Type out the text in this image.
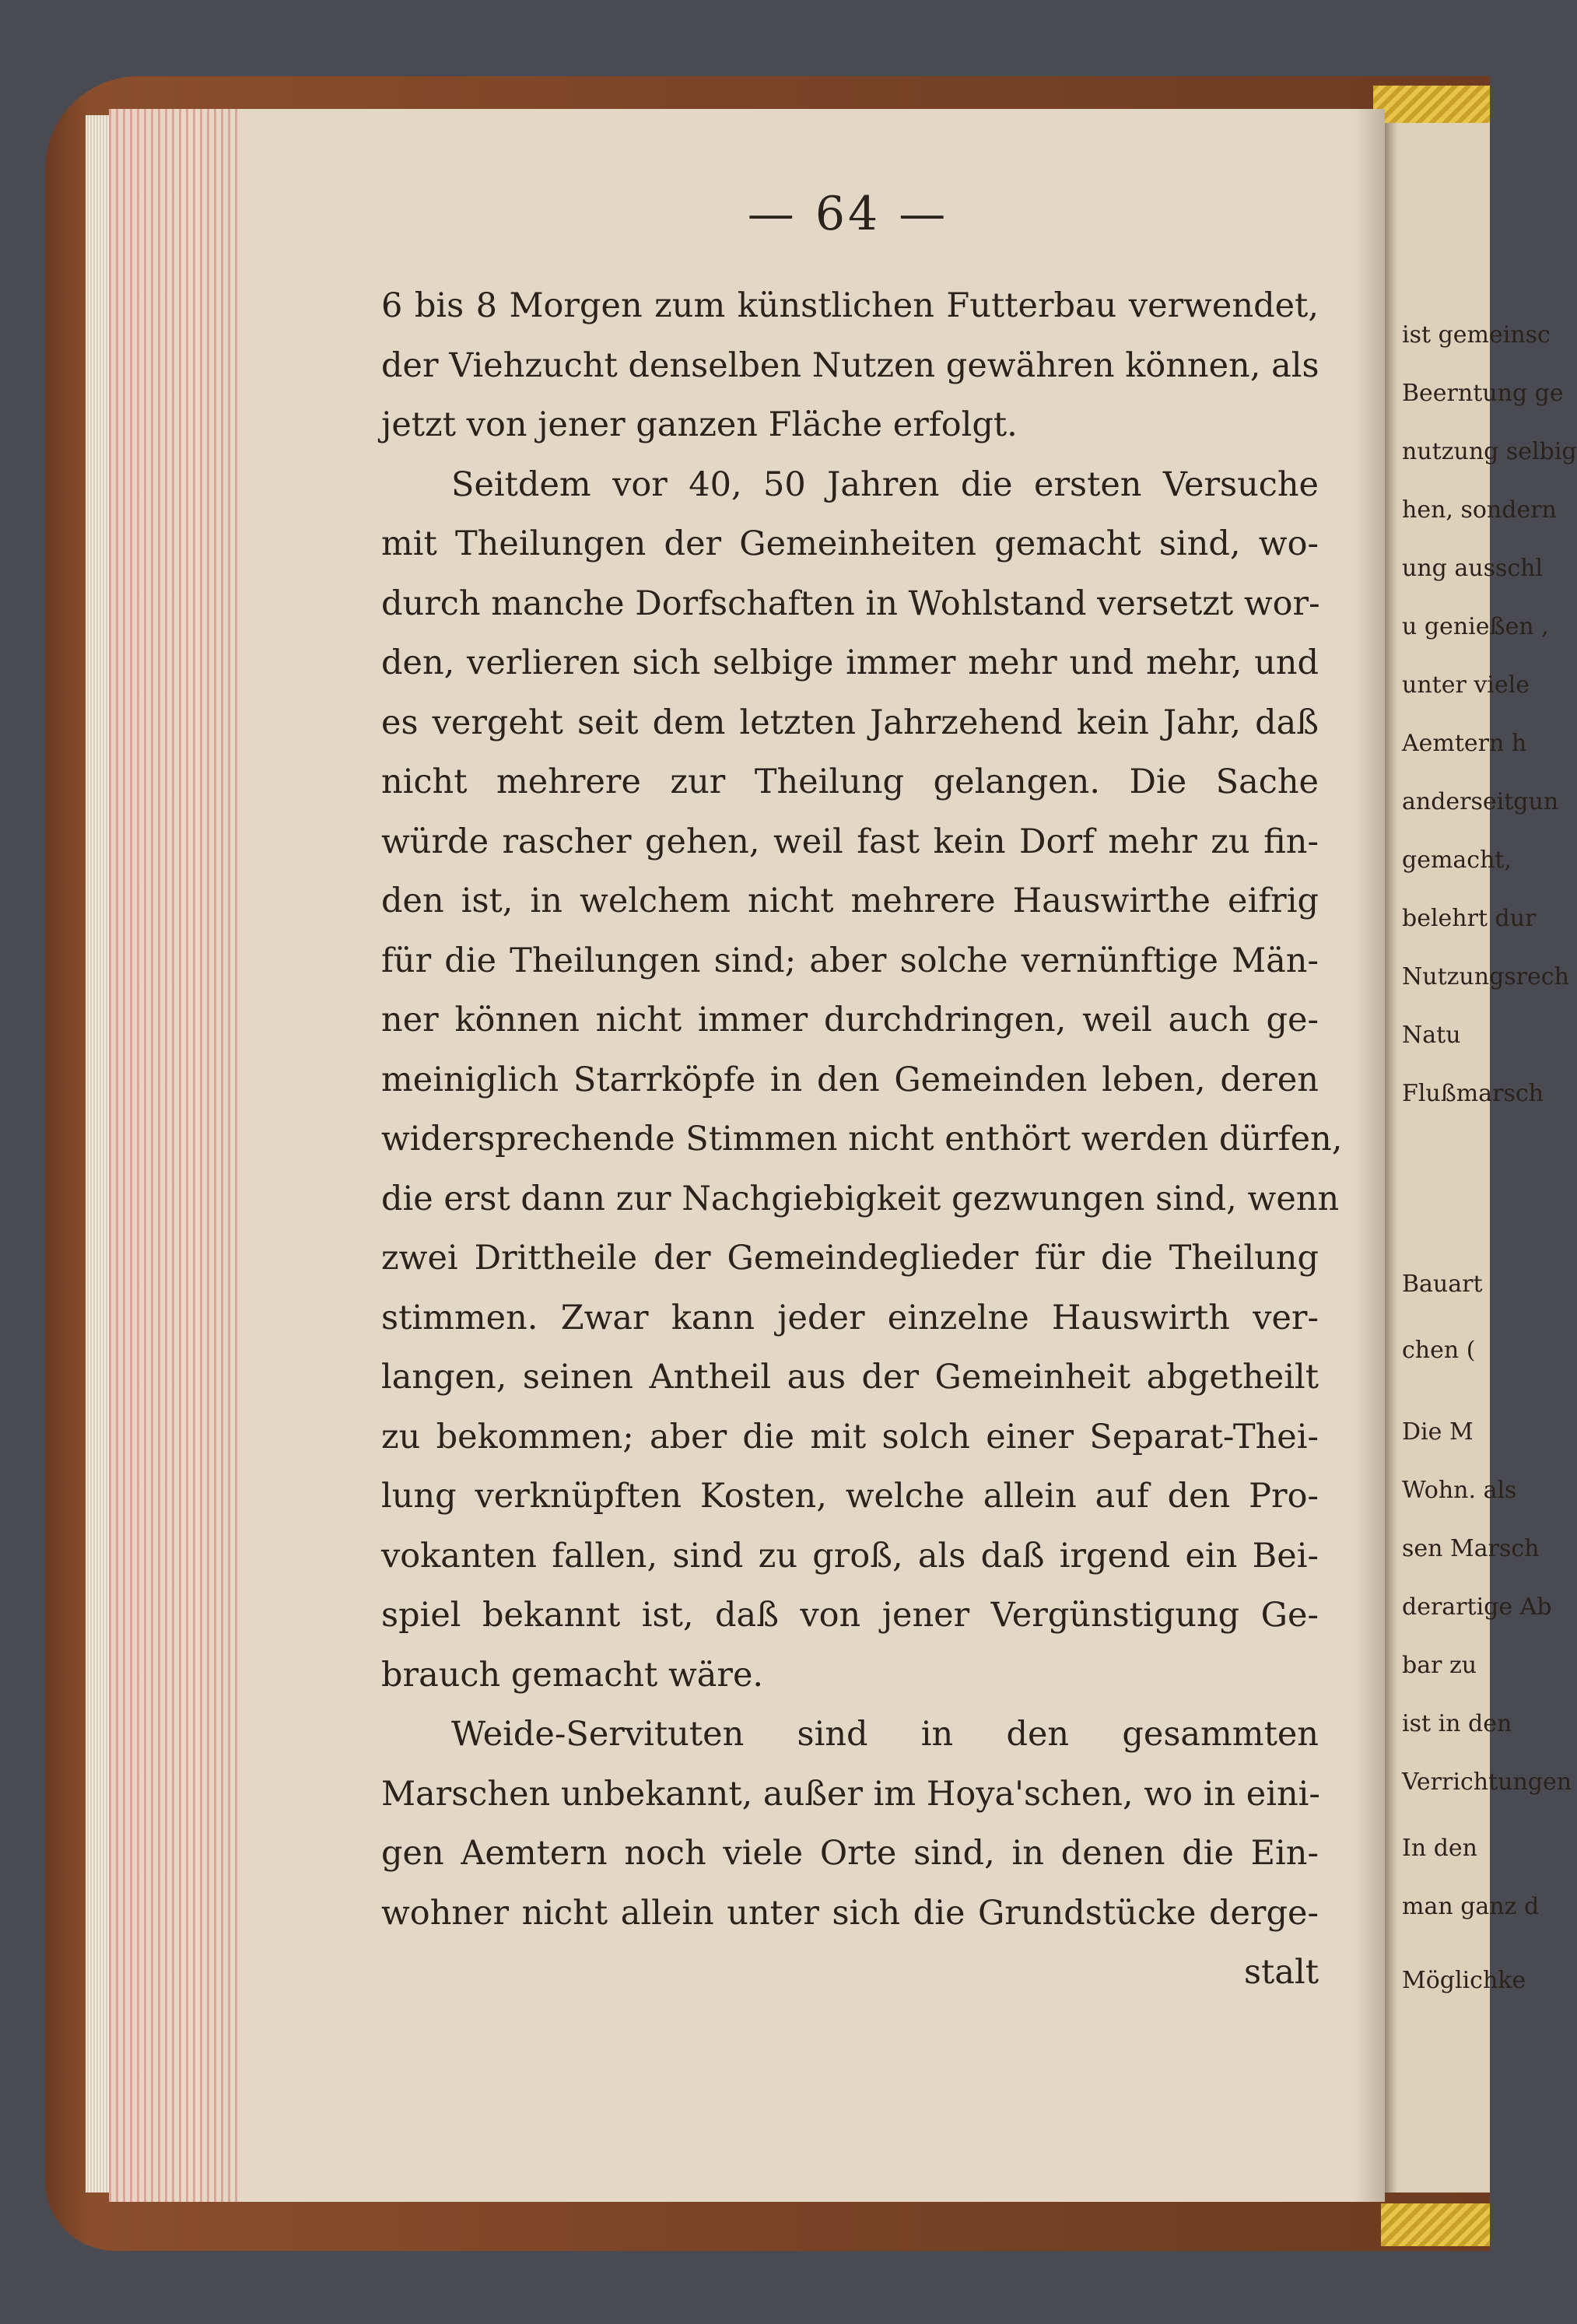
— 64 —
6 bis 8 Morgen zum künstlichen Futterbau verwendet,
der Viehzucht denselben Nutzen gewähren können, als
jetzt von jener ganzen Fläche erfolgt.
Seitdem vor 40, 50 Jahren die ersten Versuche
mit Theilungen der Gemeinheiten gemacht sind, wo-
durch manche Dorfschaften in Wohlstand versetzt wor-
den, verlieren sich selbige immer mehr und mehr, und
es vergeht seit dem letzten Jahrzehend kein Jahr, daß
nicht mehrere zur Theilung gelangen. Die Sache
würde rascher gehen, weil fast kein Dorf mehr zu fin-
den ist, in welchem nicht mehrere Hauswirthe eifrig
für die Theilungen sind; aber solche vernünftige Män-
ner können nicht immer durchdringen, weil auch ge-
meiniglich Starrköpfe in den Gemeinden leben, deren
widersprechende Stimmen nicht enthört werden dürfen,
die erst dann zur Nachgiebigkeit gezwungen sind, wenn
zwei Drittheile der Gemeindeglieder für die Theilung
stimmen. Zwar kann jeder einzelne Hauswirth ver-
langen, seinen Antheil aus der Gemeinheit abgetheilt
zu bekommen; aber die mit solch einer Separat-Thei-
lung verknüpften Kosten, welche allein auf den Pro-
vokanten fallen, sind zu groß, als daß irgend ein Bei-
spiel bekannt ist, daß von jener Vergünstigung Ge-
brauch gemacht wäre.
Weide-Servituten sind in den gesammten
Marschen unbekannt, außer im Hoya'schen, wo in eini-
gen Aemtern noch viele Orte sind, in denen die Ein-
wohner nicht allein unter sich die Grundstücke derge-
stalt
ist gemeinsc
Beerntung ge
nutzung selbig
hen, sondern
ung ausschl
u genießen ,
unter viele
Aemtern h
anderseitgun
gemacht,
belehrt dur
Nutzungsrech
Natu
Flußmarsch
Bauart
chen (
Die M
Wohn. als
sen Marsch
derartige Ab
bar zu
ist in den
Verrichtungen
In den
man ganz d
Möglichke
